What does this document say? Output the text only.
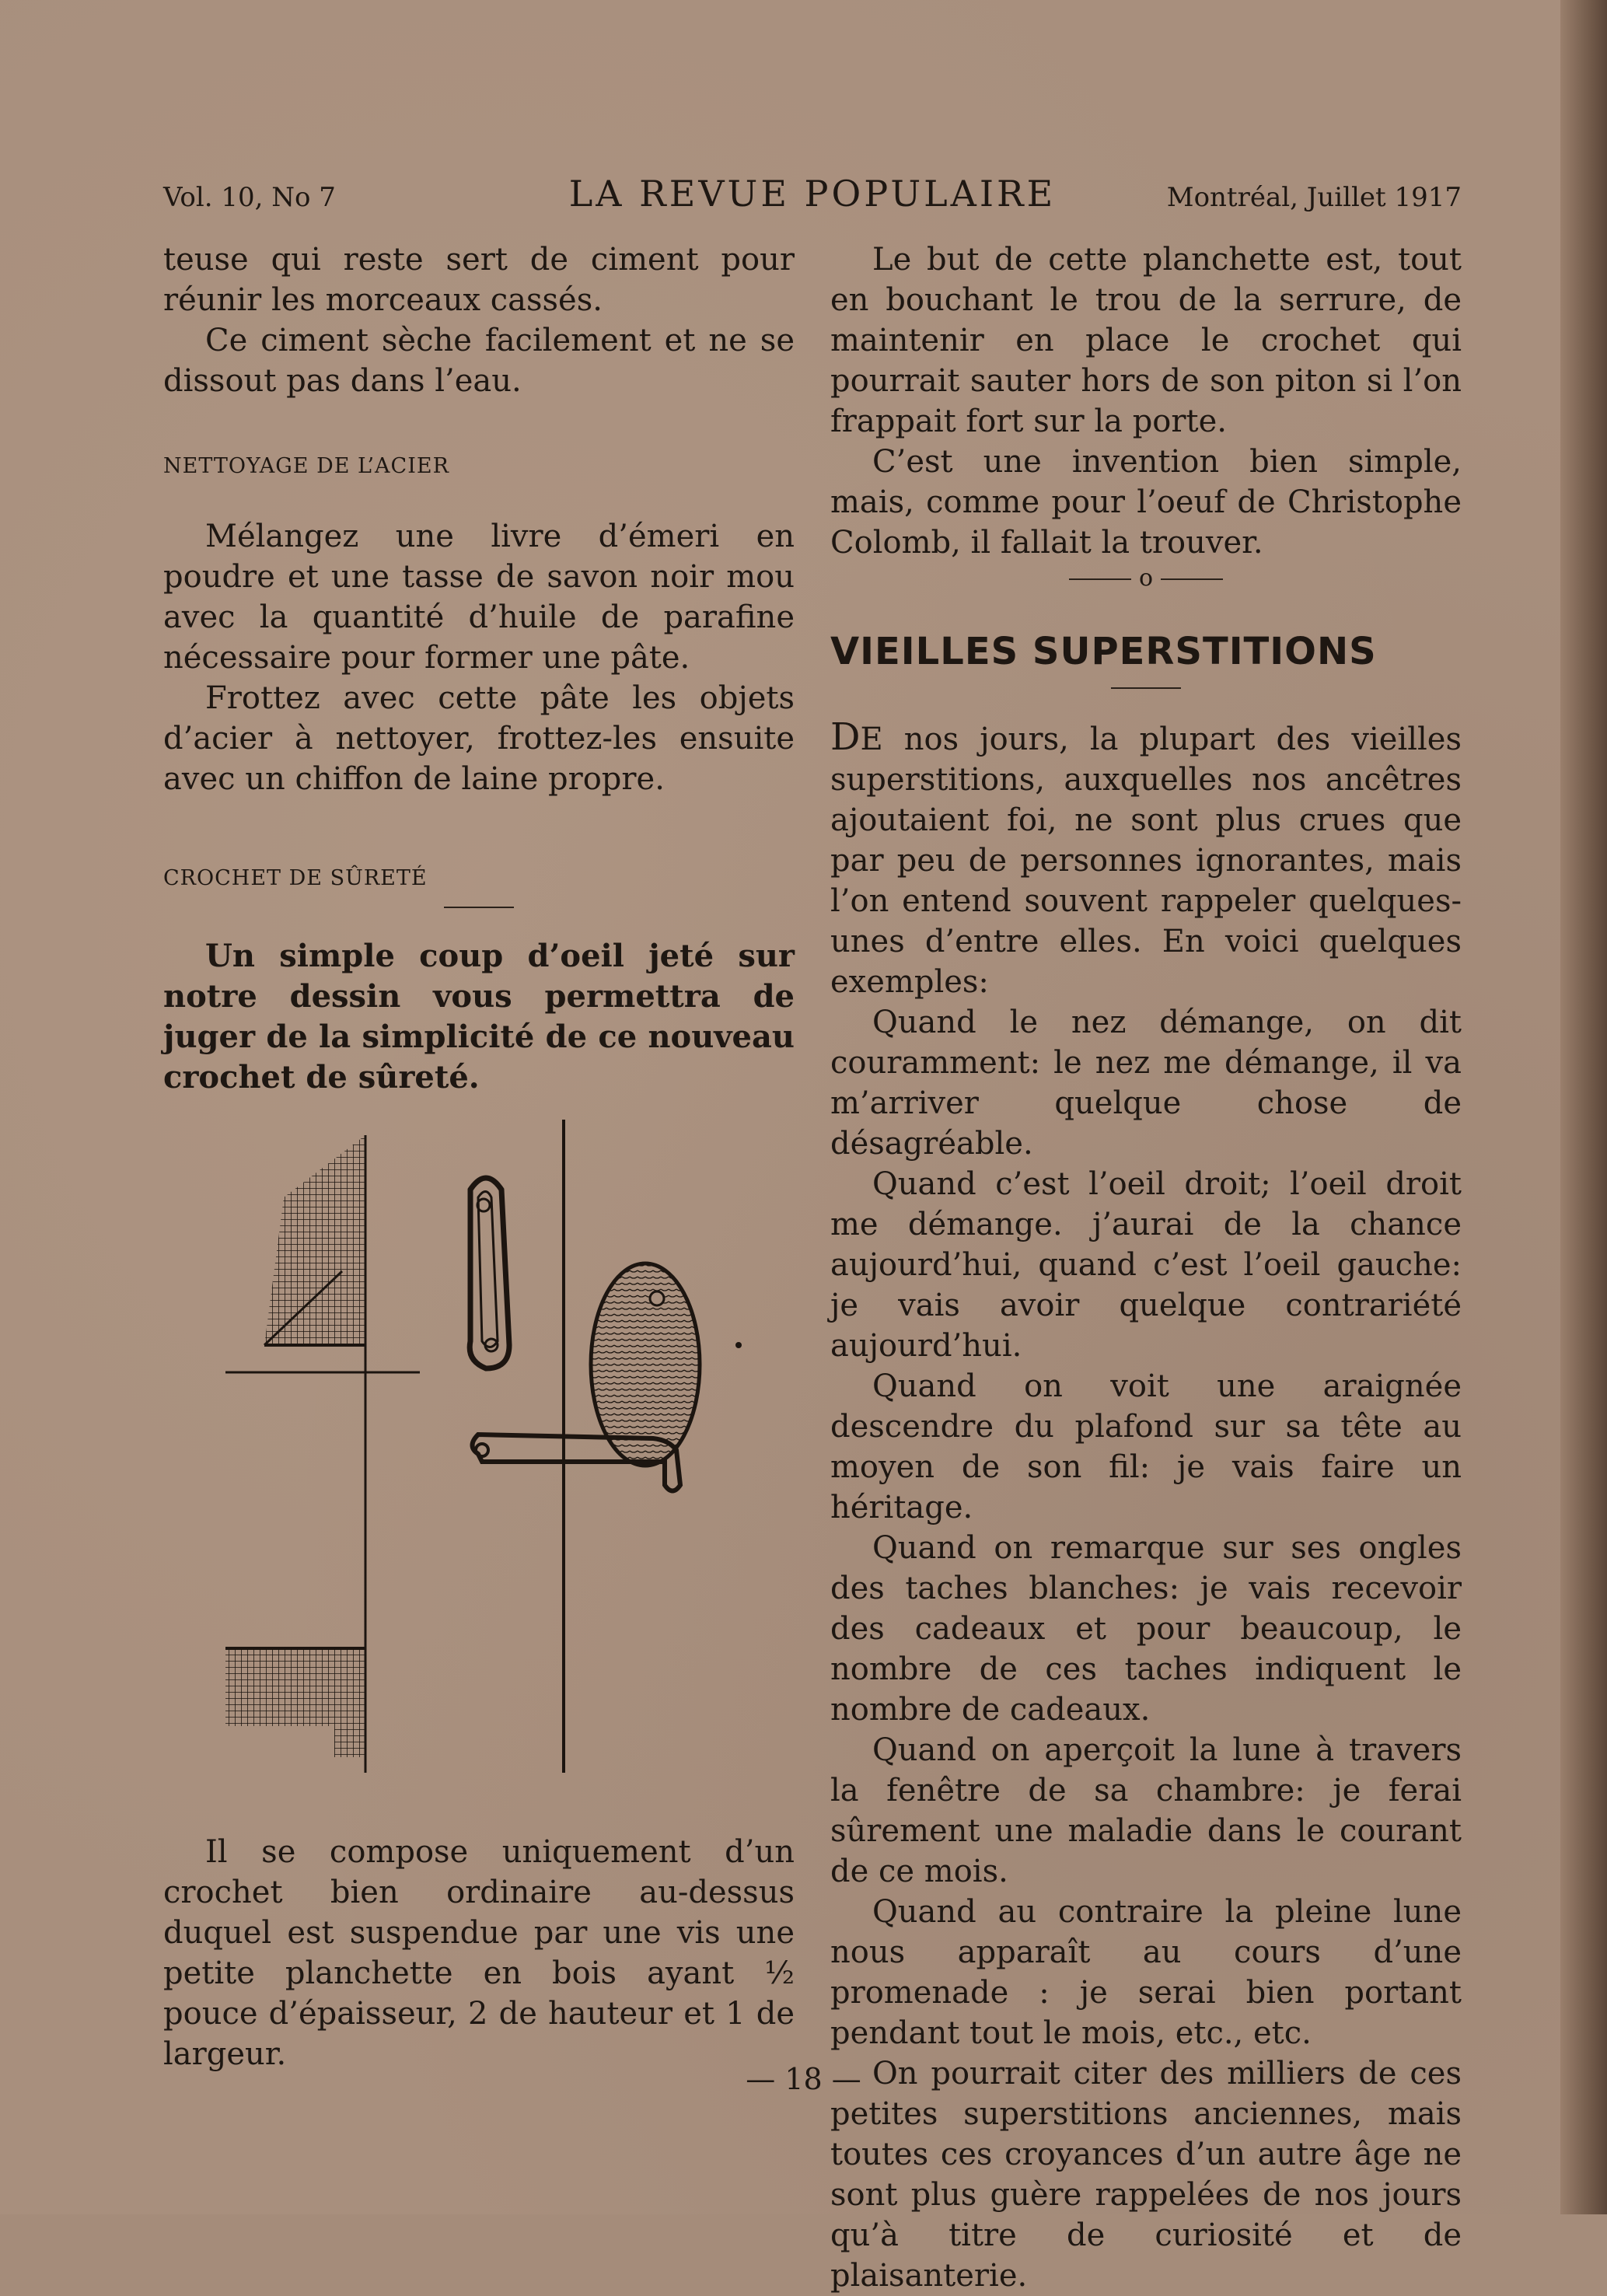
Vol. 10, No 7	LA REVUE POPULAIRE	Montréal, Juillet 1917

teuse qui reste sert de ciment pour réunir les morceaux cassés.

Ce ciment sèche facilement et ne se dissout pas dans l’eau.

NETTOYAGE DE L’ACIER

Mélangez une livre d’émeri en poudre et une tasse de savon noir mou avec la quantité d’huile de parafine nécessaire pour former une pâte.

Frottez avec cette pâte les objets d’acier à nettoyer, frottez-les ensuite avec un chiffon de laine propre.

CROCHET DE SÛRETÉ

Un simple coup d’oeil jeté sur notre dessin vous permettra de juger de la simplicité de ce nouveau crochet de sûreté.

Il se compose uniquement d’un crochet bien ordinaire au-dessus duquel est suspendue par une vis une petite planchette en bois ayant ½ pouce d’épaisseur, 2 de hauteur et 1 de largeur.

Le but de cette planchette est, tout en bouchant le trou de la serrure, de maintenir en place le crochet qui pourrait sauter hors de son piton si l’on frappait fort sur la porte.

C’est une invention bien simple, mais, comme pour l’oeuf de Christophe Colomb, il fallait la trouver.

o

VIEILLES SUPERSTITIONS

DE nos jours, la plupart des vieilles superstitions, auxquelles nos ancêtres ajoutaient foi, ne sont plus crues que par peu de personnes ignorantes, mais l’on entend souvent rappeler quelques-unes d’entre elles. En voici quelques exemples:

Quand le nez démange, on dit couramment: le nez me démange, il va m’arriver quelque chose de désagréable.

Quand c’est l’oeil droit; l’oeil droit me démange. j’aurai de la chance aujourd’hui, quand c’est l’oeil gauche: je vais avoir quelque contrariété aujourd’hui.

Quand on voit une araignée descendre du plafond sur sa tête au moyen de son fil: je vais faire un héritage.

Quand on remarque sur ses ongles des taches blanches: je vais recevoir des cadeaux et pour beaucoup, le nombre de ces taches indiquent le nombre de cadeaux.

Quand on aperçoit la lune à travers la fenêtre de sa chambre: je ferai sûrement une maladie dans le courant de ce mois.

Quand au contraire la pleine lune nous apparaît au cours d’une promenade : je serai bien portant pendant tout le mois, etc., etc.

On pourrait citer des milliers de ces petites superstitions anciennes, mais toutes ces croyances d’un autre âge ne sont plus guère rappelées de nos jours qu’à titre de curiosité et de plaisanterie.

— 18 —
